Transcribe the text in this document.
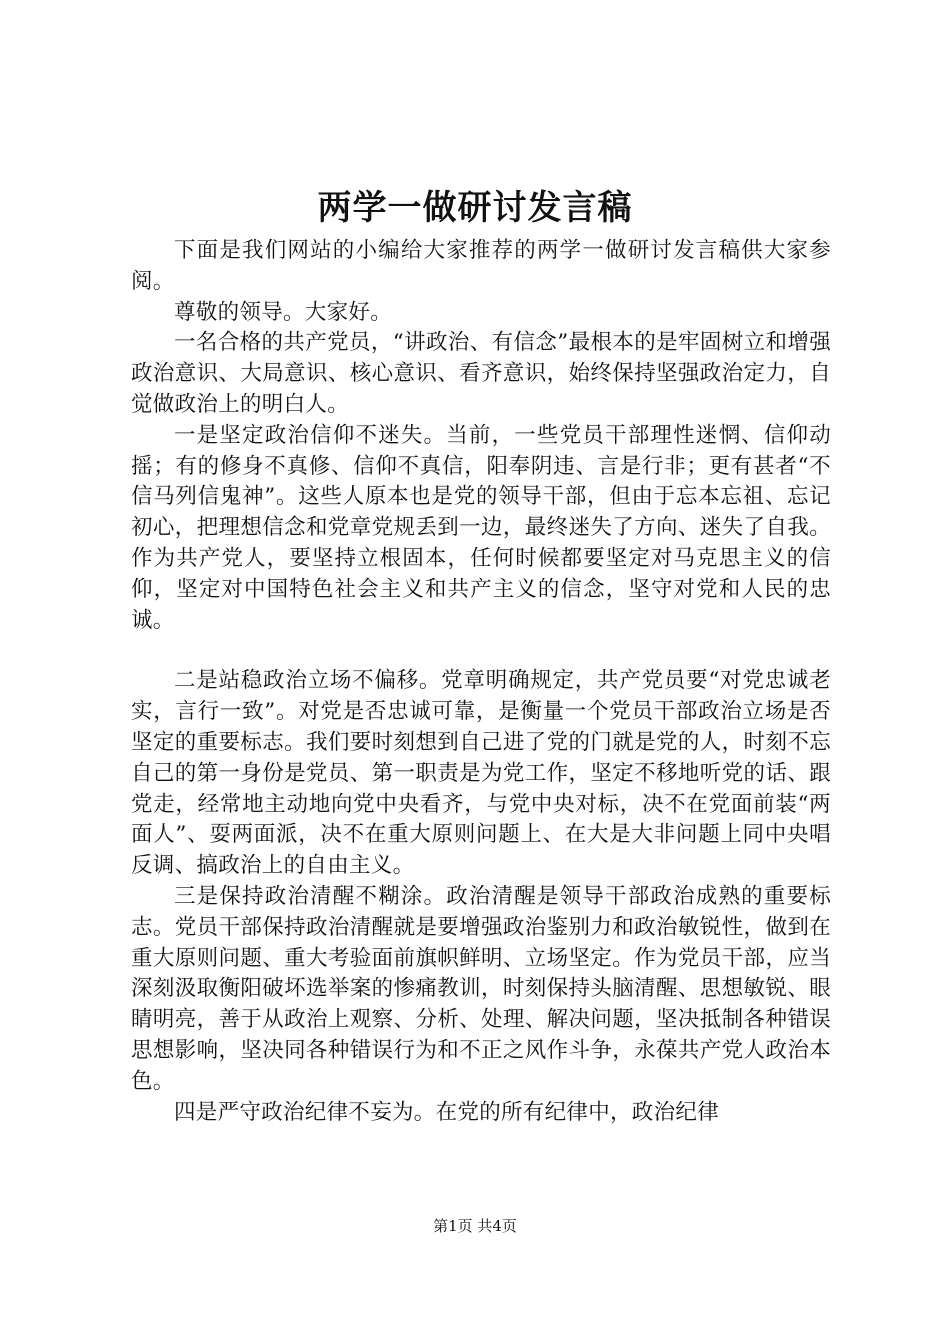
两学一做研讨发言稿

下面是我们网站的小编给大家推荐的两学一做研讨发言稿供大家参阅。

尊敬的领导。大家好。

一名合格的共产党员，“讲政治、有信念”最根本的是牢固树立和增强政治意识、大局意识、核心意识、看齐意识，始终保持坚强政治定力，自觉做政治上的明白人。

一是坚定政治信仰不迷失。当前，一些党员干部理性迷惘、信仰动摇；有的修身不真修、信仰不真信，阳奉阴违、言是行非；更有甚者“不信马列信鬼神”。这些人原本也是党的领导干部，但由于忘本忘祖、忘记初心，把理想信念和党章党规丢到一边，最终迷失了方向、迷失了自我。作为共产党人，要坚持立根固本，任何时候都要坚定对马克思主义的信仰，坚定对中国特色社会主义和共产主义的信念，坚守对党和人民的忠诚。

二是站稳政治立场不偏移。党章明确规定，共产党员要“对党忠诚老实，言行一致”。对党是否忠诚可靠，是衡量一个党员干部政治立场是否坚定的重要标志。我们要时刻想到自己进了党的门就是党的人，时刻不忘自己的第一身份是党员、第一职责是为党工作，坚定不移地听党的话、跟党走，经常地主动地向党中央看齐，与党中央对标，决不在党面前装“两面人”、耍两面派，决不在重大原则问题上、在大是大非问题上同中央唱反调、搞政治上的自由主义。

三是保持政治清醒不糊涂。政治清醒是领导干部政治成熟的重要标志。党员干部保持政治清醒就是要增强政治鉴别力和政治敏锐性，做到在重大原则问题、重大考验面前旗帜鲜明、立场坚定。作为党员干部，应当深刻汲取衡阳破坏选举案的惨痛教训，时刻保持头脑清醒、思想敏锐、眼睛明亮，善于从政治上观察、分析、处理、解决问题，坚决抵制各种错误思想影响，坚决同各种错误行为和不正之风作斗争，永葆共产党人政治本色。

四是严守政治纪律不妄为。在党的所有纪律中，政治纪律

第1页 共4页
